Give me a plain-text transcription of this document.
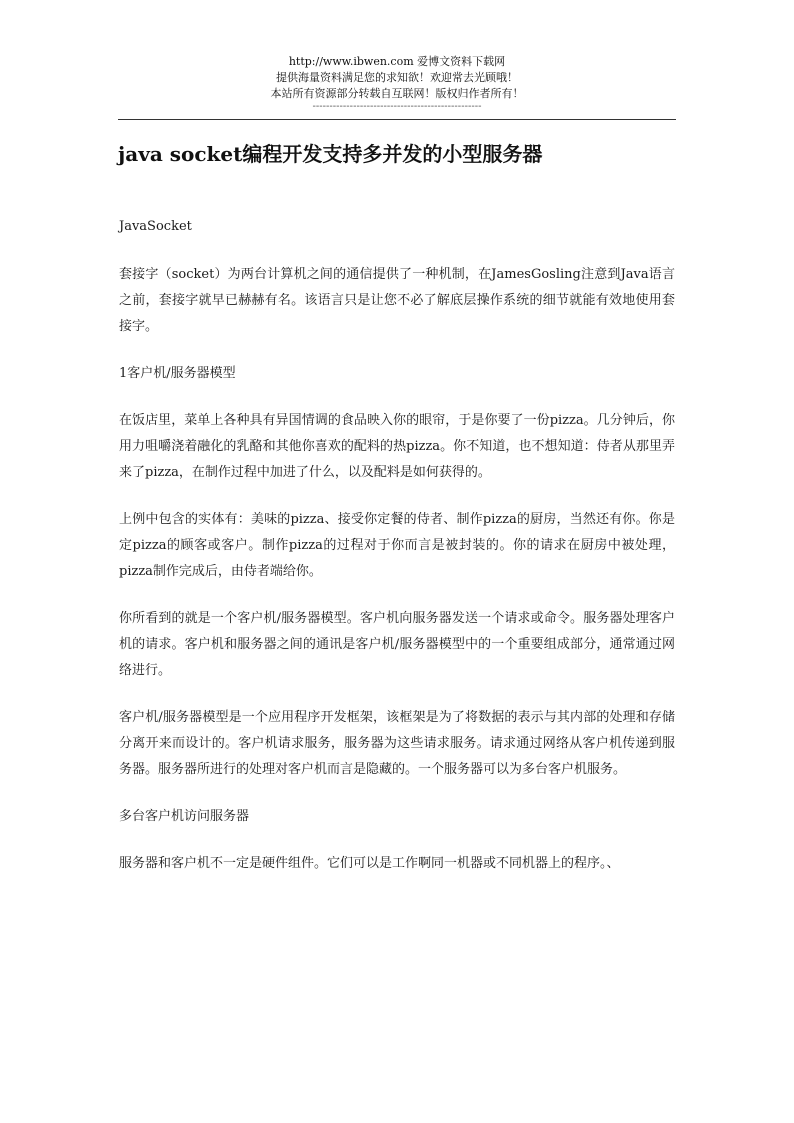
http://www.ibwen.com 爱博文资料下载网
提供海量资料满足您的求知欲！欢迎常去光顾哦！
本站所有资源部分转载自互联网！版权归作者所有！
--------------------------------------------------
java socket编程开发支持多并发的小型服务器

JavaSocket

套接字（socket）为两台计算机之间的通信提供了一种机制，在JamesGosling注意到Java语言之前，套接字就早已赫赫有名。该语言只是让您不必了解底层操作系统的细节就能有效地使用套接字。

1客户机/服务器模型

在饭店里，菜单上各种具有异国情调的食品映入你的眼帘，于是你要了一份pizza。几分钟后，你用力咀嚼浇着融化的乳酪和其他你喜欢的配料的热pizza。你不知道，也不想知道：侍者从那里弄来了pizza，在制作过程中加进了什么，以及配料是如何获得的。

上例中包含的实体有：美味的pizza、接受你定餐的侍者、制作pizza的厨房，当然还有你。你是定pizza的顾客或客户。制作pizza的过程对于你而言是被封装的。你的请求在厨房中被处理，pizza制作完成后，由侍者端给你。

你所看到的就是一个客户机/服务器模型。客户机向服务器发送一个请求或命令。服务器处理客户机的请求。客户机和服务器之间的通讯是客户机/服务器模型中的一个重要组成部分，通常通过网络进行。

客户机/服务器模型是一个应用程序开发框架，该框架是为了将数据的表示与其内部的处理和存储分离开来而设计的。客户机请求服务，服务器为这些请求服务。请求通过网络从客户机传递到服务器。服务器所进行的处理对客户机而言是隐藏的。一个服务器可以为多台客户机服务。

多台客户机访问服务器

服务器和客户机不一定是硬件组件。它们可以是工作啊同一机器或不同机器上的程序。、
